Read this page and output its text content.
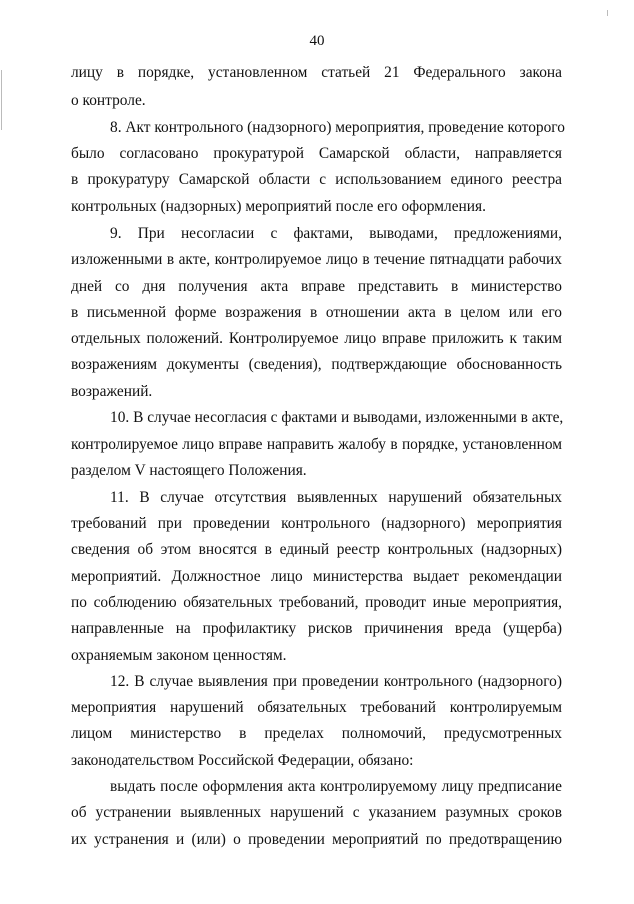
40
лицу в порядке, установленном статьей 21 Федерального закона
о контроле.
8. Акт контрольного (надзорного) мероприятия, проведение которого
было согласовано прокуратурой Самарской области, направляется
в прокуратуру Самарской области с использованием единого реестра
контрольных (надзорных) мероприятий после его оформления.
9. При несогласии с фактами, выводами, предложениями,
изложенными в акте, контролируемое лицо в течение пятнадцати рабочих
дней со дня получения акта вправе представить в министерство
в письменной форме возражения в отношении акта в целом или его
отдельных положений. Контролируемое лицо вправе приложить к таким
возражениям документы (сведения), подтверждающие обоснованность
возражений.
10. В случае несогласия с фактами и выводами, изложенными в акте,
контролируемое лицо вправе направить жалобу в порядке, установленном
разделом V настоящего Положения.
11. В случае отсутствия выявленных нарушений обязательных
требований при проведении контрольного (надзорного) мероприятия
сведения об этом вносятся в единый реестр контрольных (надзорных)
мероприятий. Должностное лицо министерства выдает рекомендации
по соблюдению обязательных требований, проводит иные мероприятия,
направленные на профилактику рисков причинения вреда (ущерба)
охраняемым законом ценностям.
12. В случае выявления при проведении контрольного (надзорного)
мероприятия нарушений обязательных требований контролируемым
лицом министерство в пределах полномочий, предусмотренных
законодательством Российской Федерации, обязано:
выдать после оформления акта контролируемому лицу предписание
об устранении выявленных нарушений с указанием разумных сроков
их устранения и (или) о проведении мероприятий по предотвращению
